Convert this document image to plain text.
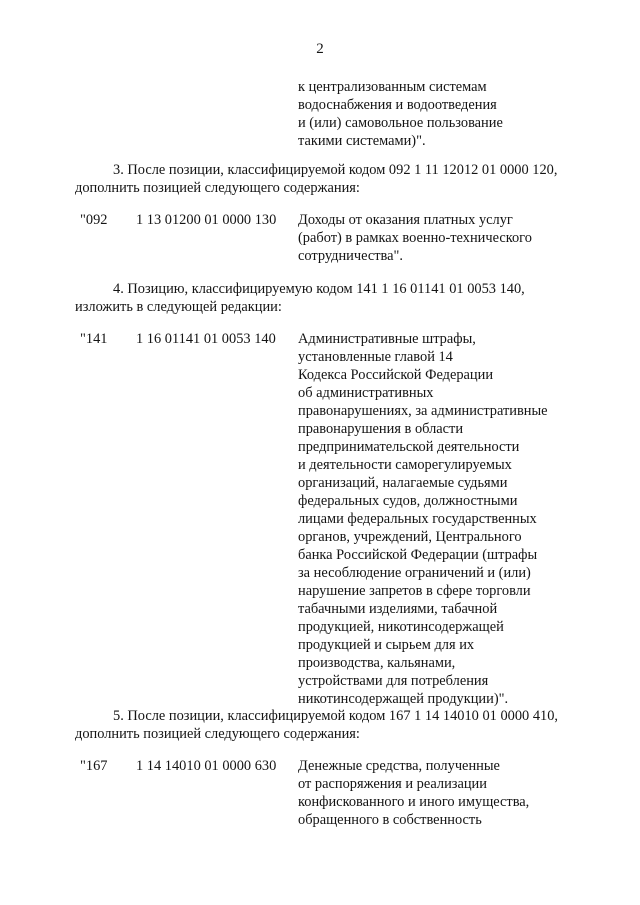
2
к централизованным системам
водоснабжения и водоотведения
и (или) самовольное пользование
такими системами)".
3. После позиции, классифицируемой кодом 092 1 11 12012 01 0000 120,
дополнить позицией следующего содержания:
"092 1 13 01200 01 0000 130 Доходы от оказания платных услуг
(работ) в рамках военно-технического
сотрудничества".
4. Позицию, классифицируемую кодом 141 1 16 01141 01 0053 140,
изложить в следующей редакции:
"141 1 16 01141 01 0053 140 Административные штрафы,
установленные главой 14
Кодекса Российской Федерации
об административных
правонарушениях, за административные
правонарушения в области
предпринимательской деятельности
и деятельности саморегулируемых
организаций, налагаемые судьями
федеральных судов, должностными
лицами федеральных государственных
органов, учреждений, Центрального
банка Российской Федерации (штрафы
за несоблюдение ограничений и (или)
нарушение запретов в сфере торговли
табачными изделиями, табачной
продукцией, никотинсодержащей
продукцией и сырьем для их
производства, кальянами,
устройствами для потребления
никотинсодержащей продукции)".
5. После позиции, классифицируемой кодом 167 1 14 14010 01 0000 410,
дополнить позицией следующего содержания:
"167 1 14 14010 01 0000 630 Денежные средства, полученные
от распоряжения и реализации
конфискованного и иного имущества,
обращенного в собственность
